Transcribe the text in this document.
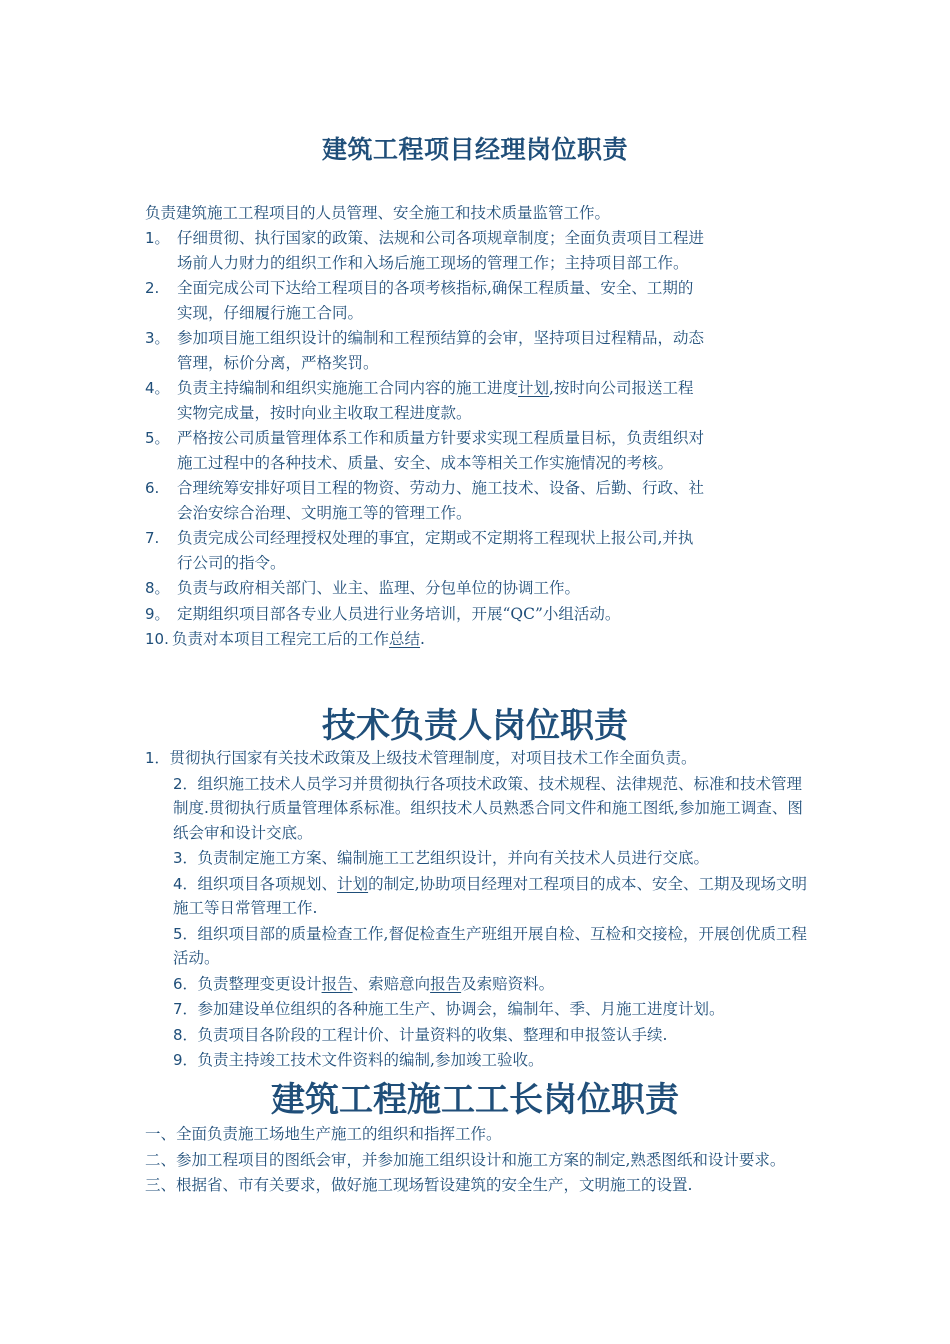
建筑工程项目经理岗位职责
负责建筑施工工程项目的人员管理、安全施工和技术质量监管工作。
1。 仔细贯彻、执行国家的政策、法规和公司各项规章制度；全面负责项目工程进场前人力财力的组织工作和入场后施工现场的管理工作；主持项目部工作。
2. 全面完成公司下达给工程项目的各项考核指标,确保工程质量、安全、工期的实现，仔细履行施工合同。
3。 参加项目施工组织设计的编制和工程预结算的会审，坚持项目过程精品，动态管理，标价分离，严格奖罚。
4。 负责主持编制和组织实施施工合同内容的施工进度计划,按时向公司报送工程实物完成量，按时向业主收取工程进度款。
5。 严格按公司质量管理体系工作和质量方针要求实现工程质量目标，负责组织对施工过程中的各种技术、质量、安全、成本等相关工作实施情况的考核。
6. 合理统筹安排好项目工程的物资、劳动力、施工技术、设备、后勤、行政、社会治安综合治理、文明施工等的管理工作。
7. 负责完成公司经理授权处理的事宜，定期或不定期将工程现状上报公司,并执行公司的指令。
8。 负责与政府相关部门、业主、监理、分包单位的协调工作。
9。 定期组织项目部各专业人员进行业务培训，开展“QC”小组活动。
10. 负责对本项目工程完工后的工作总结.
技术负责人岗位职责
1．贯彻执行国家有关技术政策及上级技术管理制度，对项目技术工作全面负责。
2．组织施工技术人员学习并贯彻执行各项技术政策、技术规程、法律规范、标准和技术管理制度.贯彻执行质量管理体系标准。组织技术人员熟悉合同文件和施工图纸,参加施工调查、图纸会审和设计交底。
3．负责制定施工方案、编制施工工艺组织设计，并向有关技术人员进行交底。
4．组织项目各项规划、计划的制定,协助项目经理对工程项目的成本、安全、工期及现场文明施工等日常管理工作.
5．组织项目部的质量检查工作,督促检查生产班组开展自检、互检和交接检，开展创优质工程活动。
6．负责整理变更设计报告、索赔意向报告及索赔资料。
7．参加建设单位组织的各种施工生产、协调会，编制年、季、月施工进度计划。
8．负责项目各阶段的工程计价、计量资料的收集、整理和申报签认手续.
9．负责主持竣工技术文件资料的编制,参加竣工验收。
建筑工程施工工长岗位职责
一、全面负责施工场地生产施工的组织和指挥工作。
二、参加工程项目的图纸会审，并参加施工组织设计和施工方案的制定,熟悉图纸和设计要求。
三、根据省、市有关要求，做好施工现场暂设建筑的安全生产，文明施工的设置.
